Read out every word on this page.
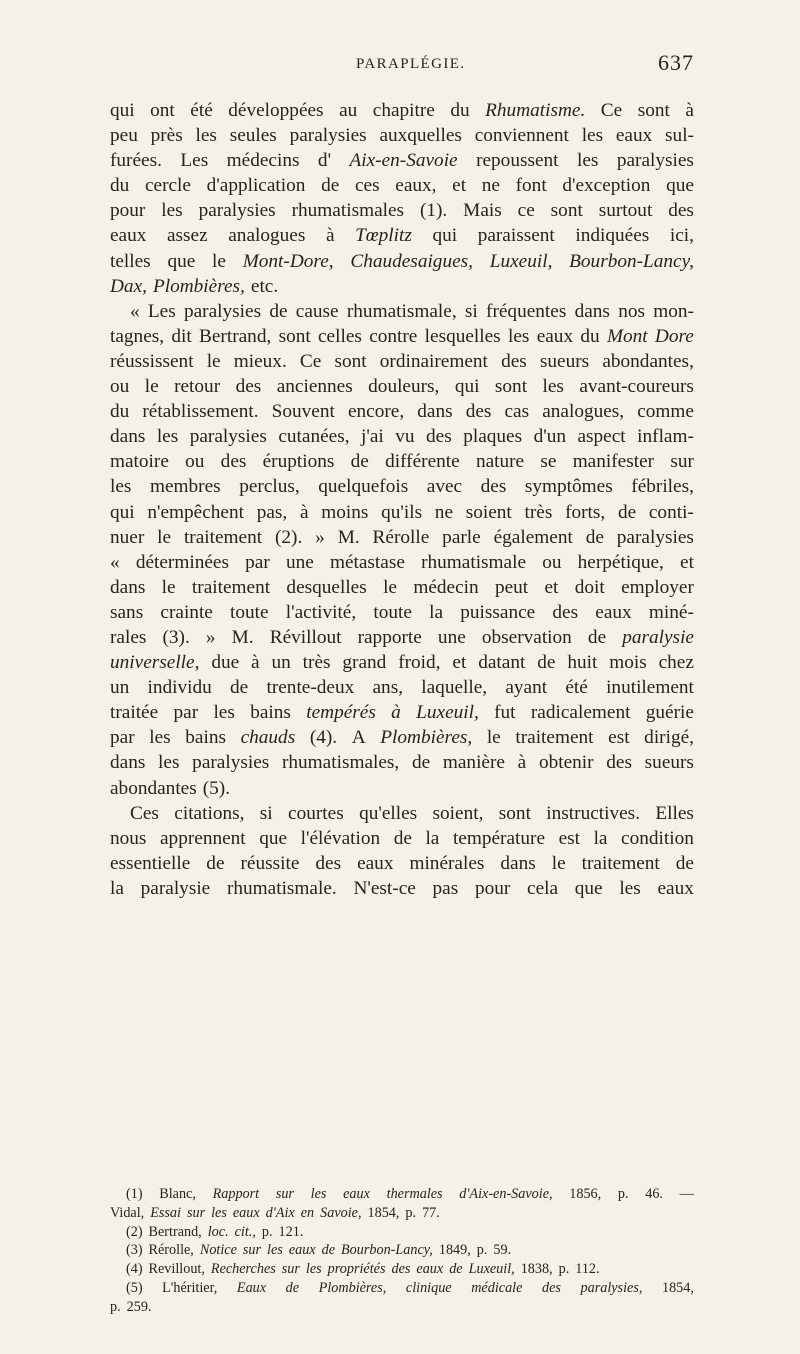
PARAPLÉGIE.	637
qui ont été développées au chapitre du Rhumatisme. Ce sont à
peu près les seules paralysies auxquelles conviennent les eaux sul-
furées. Les médecins d' Aix-en-Savoie repoussent les paralysies
du cercle d'application de ces eaux, et ne font d'exception que
pour les paralysies rhumatismales (1). Mais ce sont surtout des
eaux assez analogues à Tœplitz qui paraissent indiquées ici,
telles que le Mont-Dore, Chaudesaigues, Luxeuil, Bourbon-Lancy,
Dax, Plombières, etc.
« Les paralysies de cause rhumatismale, si fréquentes dans nos mon-
tagnes, dit Bertrand, sont celles contre lesquelles les eaux du Mont Dore
réussissent le mieux. Ce sont ordinairement des sueurs abondantes,
ou le retour des anciennes douleurs, qui sont les avant-coureurs
du rétablissement. Souvent encore, dans des cas analogues, comme
dans les paralysies cutanées, j'ai vu des plaques d'un aspect inflam-
matoire ou des éruptions de différente nature se manifester sur
les membres perclus, quelquefois avec des symptômes fébriles,
qui n'empêchent pas, à moins qu'ils ne soient très forts, de conti-
nuer le traitement (2). » M. Rérolle parle également de paralysies
« déterminées par une métastase rhumatismale ou herpétique, et
dans le traitement desquelles le médecin peut et doit employer
sans crainte toute l'activité, toute la puissance des eaux miné-
rales (3). » M. Révillout rapporte une observation de paralysie
universelle, due à un très grand froid, et datant de huit mois chez
un individu de trente-deux ans, laquelle, ayant été inutilement
traitée par les bains tempérés à Luxeuil, fut radicalement guérie
par les bains chauds (4). A Plombières, le traitement est dirigé,
dans les paralysies rhumatismales, de manière à obtenir des sueurs
abondantes (5).
Ces citations, si courtes qu'elles soient, sont instructives. Elles
nous apprennent que l'élévation de la température est la condition
essentielle de réussite des eaux minérales dans le traitement de
la paralysie rhumatismale. N'est-ce pas pour cela que les eaux
(1) Blanc, Rapport sur les eaux thermales d'Aix-en-Savoie, 1856, p. 46. —
Vidal, Essai sur les eaux d'Aix en Savoie, 1854, p. 77.
(2) Bertrand, loc. cit., p. 121.
(3) Rérolle, Notice sur les eaux de Bourbon-Lancy, 1849, p. 59.
(4) Revillout, Recherches sur les propriétés des eaux de Luxeuil, 1838, p. 112.
(5) L'héritier, Eaux de Plombières, clinique médicale des paralysies, 1854,
p. 259.
